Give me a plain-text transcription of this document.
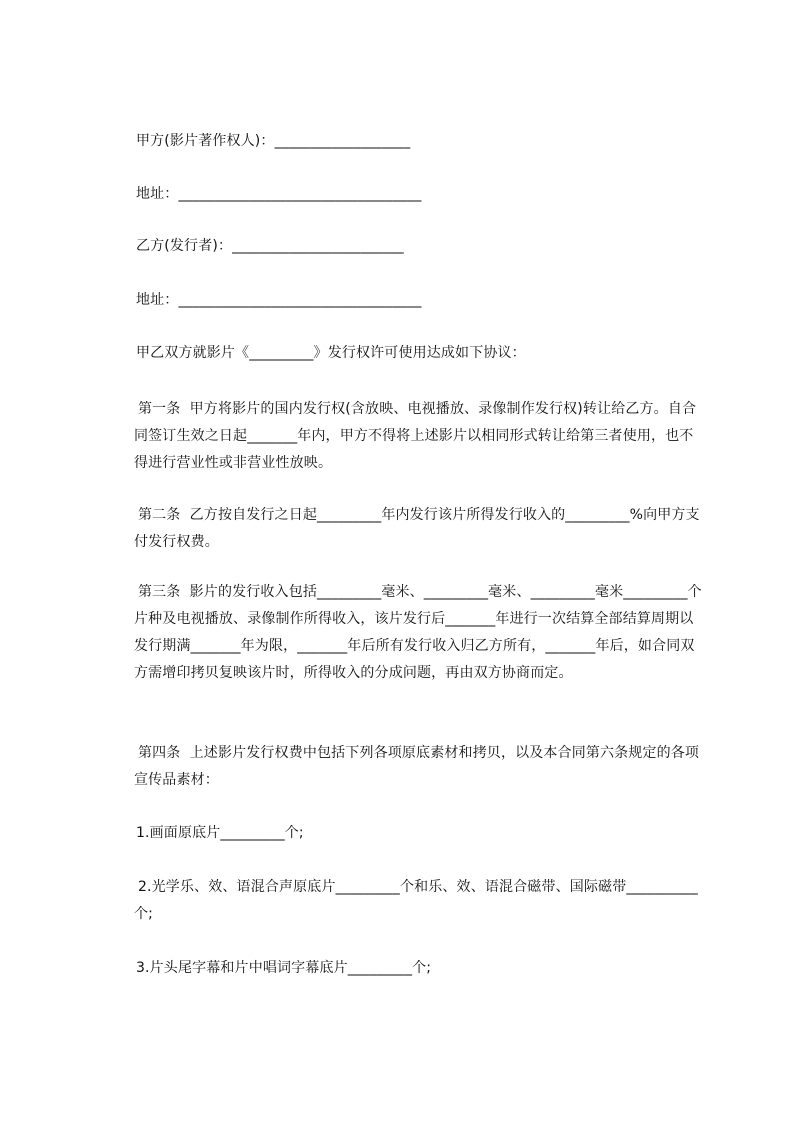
甲方(影片著作权人)：___________________
地址：__________________________________
乙方(发行者)：________________________
地址：__________________________________
甲乙双方就影片《_________》发行权许可使用达成如下协议：
第一条  甲方将影片的国内发行权(含放映、电视播放、录像制作发行权)转让给乙方。自合同签订生效之日起_______年内，甲方不得将上述影片以相同形式转让给第三者使用，也不得进行营业性或非营业性放映。
第二条  乙方按自发行之日起_________年内发行该片所得发行收入的_________%向甲方支付发行权费。
第三条  影片的发行收入包括_________毫米、_________毫米、_________毫米_________个片种及电视播放、录像制作所得收入，该片发行后_______年进行一次结算全部结算周期以发行期满_______年为限，_______年后所有发行收入归乙方所有，_______年后，如合同双方需增印拷贝复映该片时，所得收入的分成问题，再由双方协商而定。
第四条  上述影片发行权费中包括下列各项原底素材和拷贝，以及本合同第六条规定的各项宣传品素材：
1.画面原底片_________个;
2.光学乐、效、语混合声原底片_________个和乐、效、语混合磁带、国际磁带__________个;
3.片头尾字幕和片中唱词字幕底片_________个;
